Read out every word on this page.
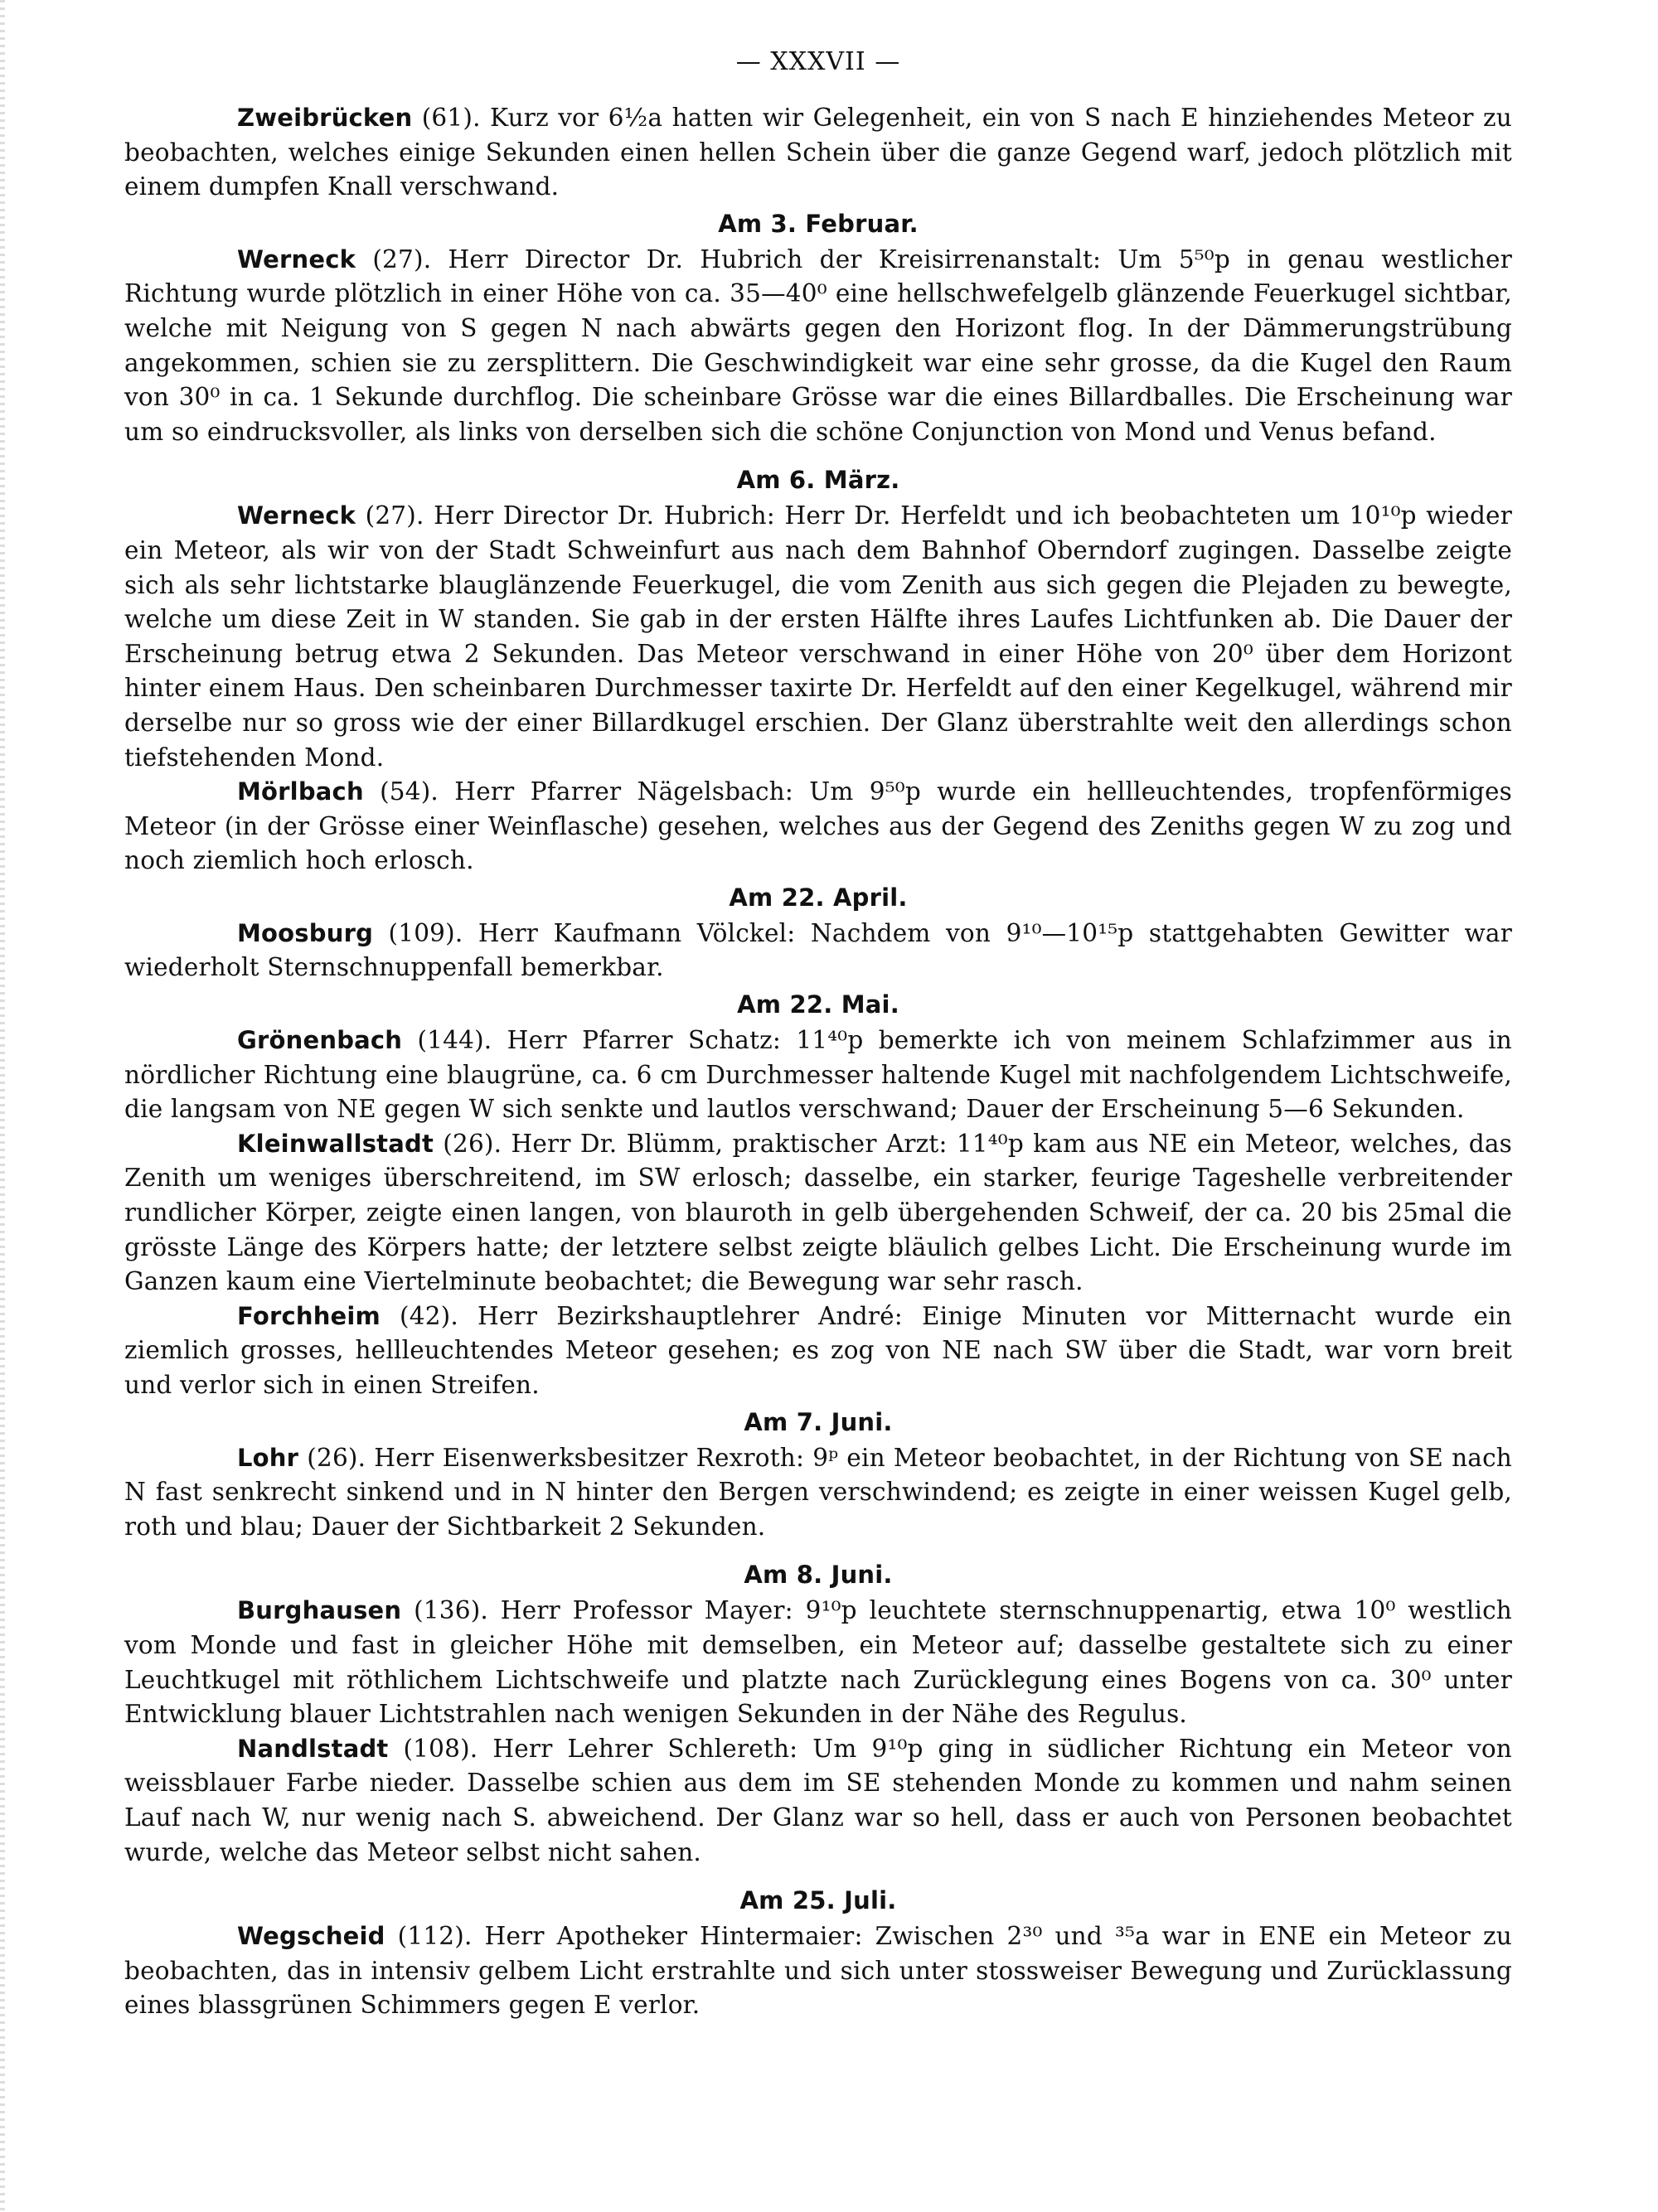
— XXXVII —

Zweibrücken (61). Kurz vor 6½a hatten wir Gelegenheit, ein von S nach E hinziehendes Meteor zu beobachten, welches einige Sekunden einen hellen Schein über die ganze Gegend warf, jedoch plötzlich mit einem dumpfen Knall verschwand.

Am 3. Februar.

Werneck (27). Herr Director Dr. Hubrich der Kreisirrenanstalt: Um 5⁵⁰p in genau westlicher Richtung wurde plötzlich in einer Höhe von ca. 35—40⁰ eine hellschwefelgelb glänzende Feuerkugel sichtbar, welche mit Neigung von S gegen N nach abwärts gegen den Horizont flog. In der Dämmerungstrübung angekommen, schien sie zu zersplittern. Die Geschwindigkeit war eine sehr grosse, da die Kugel den Raum von 30⁰ in ca. 1 Sekunde durchflog. Die scheinbare Grösse war die eines Billardballes. Die Erscheinung war um so eindrucksvoller, als links von derselben sich die schöne Conjunction von Mond und Venus befand.

Am 6. März.

Werneck (27). Herr Director Dr. Hubrich: Herr Dr. Herfeldt und ich beobachteten um 10¹⁰p wieder ein Meteor, als wir von der Stadt Schweinfurt aus nach dem Bahnhof Oberndorf zugingen. Dasselbe zeigte sich als sehr lichtstarke blauglänzende Feuerkugel, die vom Zenith aus sich gegen die Plejaden zu bewegte, welche um diese Zeit in W standen. Sie gab in der ersten Hälfte ihres Laufes Lichtfunken ab. Die Dauer der Erscheinung betrug etwa 2 Sekunden. Das Meteor verschwand in einer Höhe von 20⁰ über dem Horizont hinter einem Haus. Den scheinbaren Durchmesser taxirte Dr. Herfeldt auf den einer Kegelkugel, während mir derselbe nur so gross wie der einer Billardkugel erschien. Der Glanz überstrahlte weit den allerdings schon tiefstehenden Mond.

Mörlbach (54). Herr Pfarrer Nägelsbach: Um 9⁵⁰p wurde ein hellleuchtendes, tropfenförmiges Meteor (in der Grösse einer Weinflasche) gesehen, welches aus der Gegend des Zeniths gegen W zu zog und noch ziemlich hoch erlosch.

Am 22. April.

Moosburg (109). Herr Kaufmann Völckel: Nachdem von 9¹⁰—10¹⁵p stattgehabten Gewitter war wiederholt Sternschnuppenfall bemerkbar.

Am 22. Mai.

Grönenbach (144). Herr Pfarrer Schatz: 11⁴⁰p bemerkte ich von meinem Schlafzimmer aus in nördlicher Richtung eine blaugrüne, ca. 6 cm Durchmesser haltende Kugel mit nachfolgendem Lichtschweife, die langsam von NE gegen W sich senkte und lautlos verschwand; Dauer der Erscheinung 5—6 Sekunden.

Kleinwallstadt (26). Herr Dr. Blümm, praktischer Arzt: 11⁴⁰p kam aus NE ein Meteor, welches, das Zenith um weniges überschreitend, im SW erlosch; dasselbe, ein starker, feurige Tageshelle verbreitender rundlicher Körper, zeigte einen langen, von blauroth in gelb übergehenden Schweif, der ca. 20 bis 25mal die grösste Länge des Körpers hatte; der letztere selbst zeigte bläulich gelbes Licht. Die Erscheinung wurde im Ganzen kaum eine Viertelminute beobachtet; die Bewegung war sehr rasch.

Forchheim (42). Herr Bezirkshauptlehrer André: Einige Minuten vor Mitternacht wurde ein ziemlich grosses, hellleuchtendes Meteor gesehen; es zog von NE nach SW über die Stadt, war vorn breit und verlor sich in einen Streifen.

Am 7. Juni.

Lohr (26). Herr Eisenwerksbesitzer Rexroth: 9ᵖ ein Meteor beobachtet, in der Richtung von SE nach N fast senkrecht sinkend und in N hinter den Bergen verschwindend; es zeigte in einer weissen Kugel gelb, roth und blau; Dauer der Sichtbarkeit 2 Sekunden.

Am 8. Juni.

Burghausen (136). Herr Professor Mayer: 9¹⁰p leuchtete sternschnuppenartig, etwa 10⁰ westlich vom Monde und fast in gleicher Höhe mit demselben, ein Meteor auf; dasselbe gestaltete sich zu einer Leuchtkugel mit röthlichem Lichtschweife und platzte nach Zurücklegung eines Bogens von ca. 30⁰ unter Entwicklung blauer Lichtstrahlen nach wenigen Sekunden in der Nähe des Regulus.

Nandlstadt (108). Herr Lehrer Schlereth: Um 9¹⁰p ging in südlicher Richtung ein Meteor von weissblauer Farbe nieder. Dasselbe schien aus dem im SE stehenden Monde zu kommen und nahm seinen Lauf nach W, nur wenig nach S. abweichend. Der Glanz war so hell, dass er auch von Personen beobachtet wurde, welche das Meteor selbst nicht sahen.

Am 25. Juli.

Wegscheid (112). Herr Apotheker Hintermaier: Zwischen 2³⁰ und ³⁵a war in ENE ein Meteor zu beobachten, das in intensiv gelbem Licht erstrahlte und sich unter stossweiser Bewegung und Zurücklassung eines blassgrünen Schimmers gegen E verlor.
